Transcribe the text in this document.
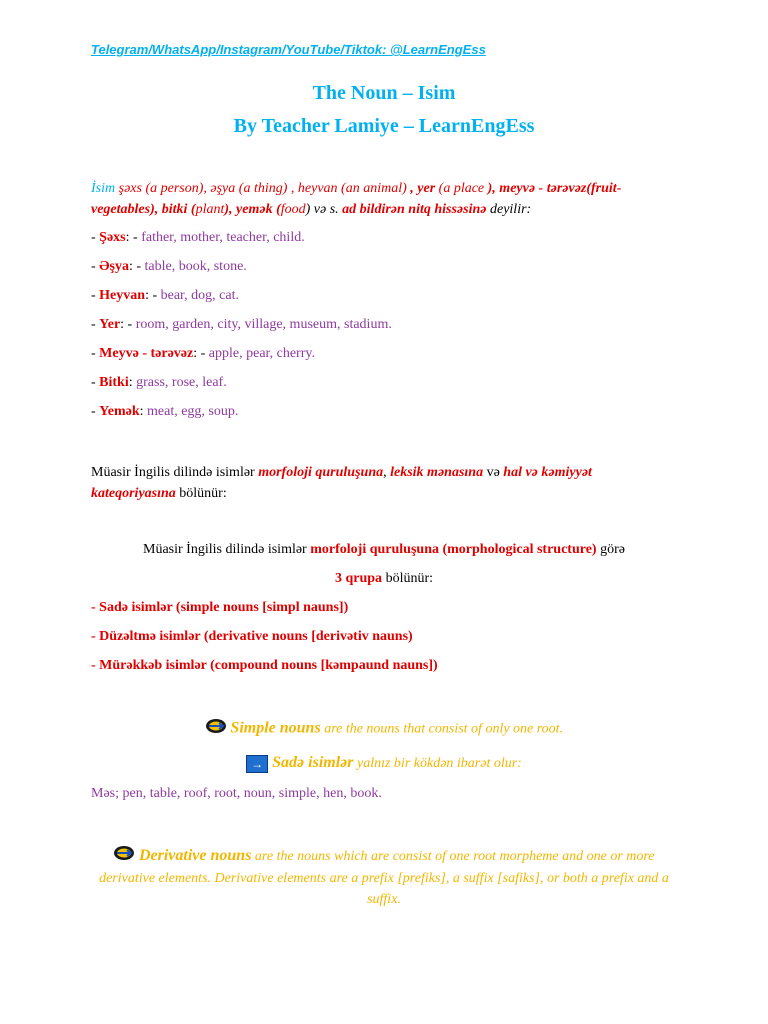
Telegram/WhatsApp/Instagram/YouTube/Tiktok: @LearnEngEss
The Noun – Isim
By Teacher Lamiye – LearnEngEss
İsim şəxs (a person), əşya (a thing) , heyvan (an animal) , yer (a place ), meyvə - tərəvəz(fruit-vegetables), bitki (plant), yemək (food) və s. ad bildirən nitq hissəsinə deyilir:
- Şəxs: - father, mother, teacher, child.
- Əşya: - table, book, stone.
- Heyvan: - bear, dog, cat.
- Yer: - room, garden, city, village, museum, stadium.
- Meyvə - tərəvəz: - apple, pear, cherry.
- Bitki: grass, rose, leaf.
- Yemək: meat, egg, soup.
Müasir İngilis dilində isimlər morfoloji quruluşuna, leksik mənasına və hal və kəmiyyət
kateqoriyasına bölünür:
Müasir İngilis dilində isimlər morfoloji quruluşuna (morphological structure) görə
3 qrupa bölünür:
- Sadə isimlər (simple nouns [simpl nauns])
- Düzəltmə isimlər (derivative nouns [derivətiv nauns)
- Mürəkkəb isimlər (compound nouns [kəmpaund nauns])
Simple nouns are the nouns that consist of only one root.
→ Sadə isimlər yalnız bir kökdən ibarət olur:
Məs; pen, table, roof, root, noun, simple, hen, book.
Derivative nouns are the nouns which are consist of one root morpheme and one or more derivative elements. Derivative elements are a prefix [prefiks], a suffix [safiks], or both a prefix and a suffix.
